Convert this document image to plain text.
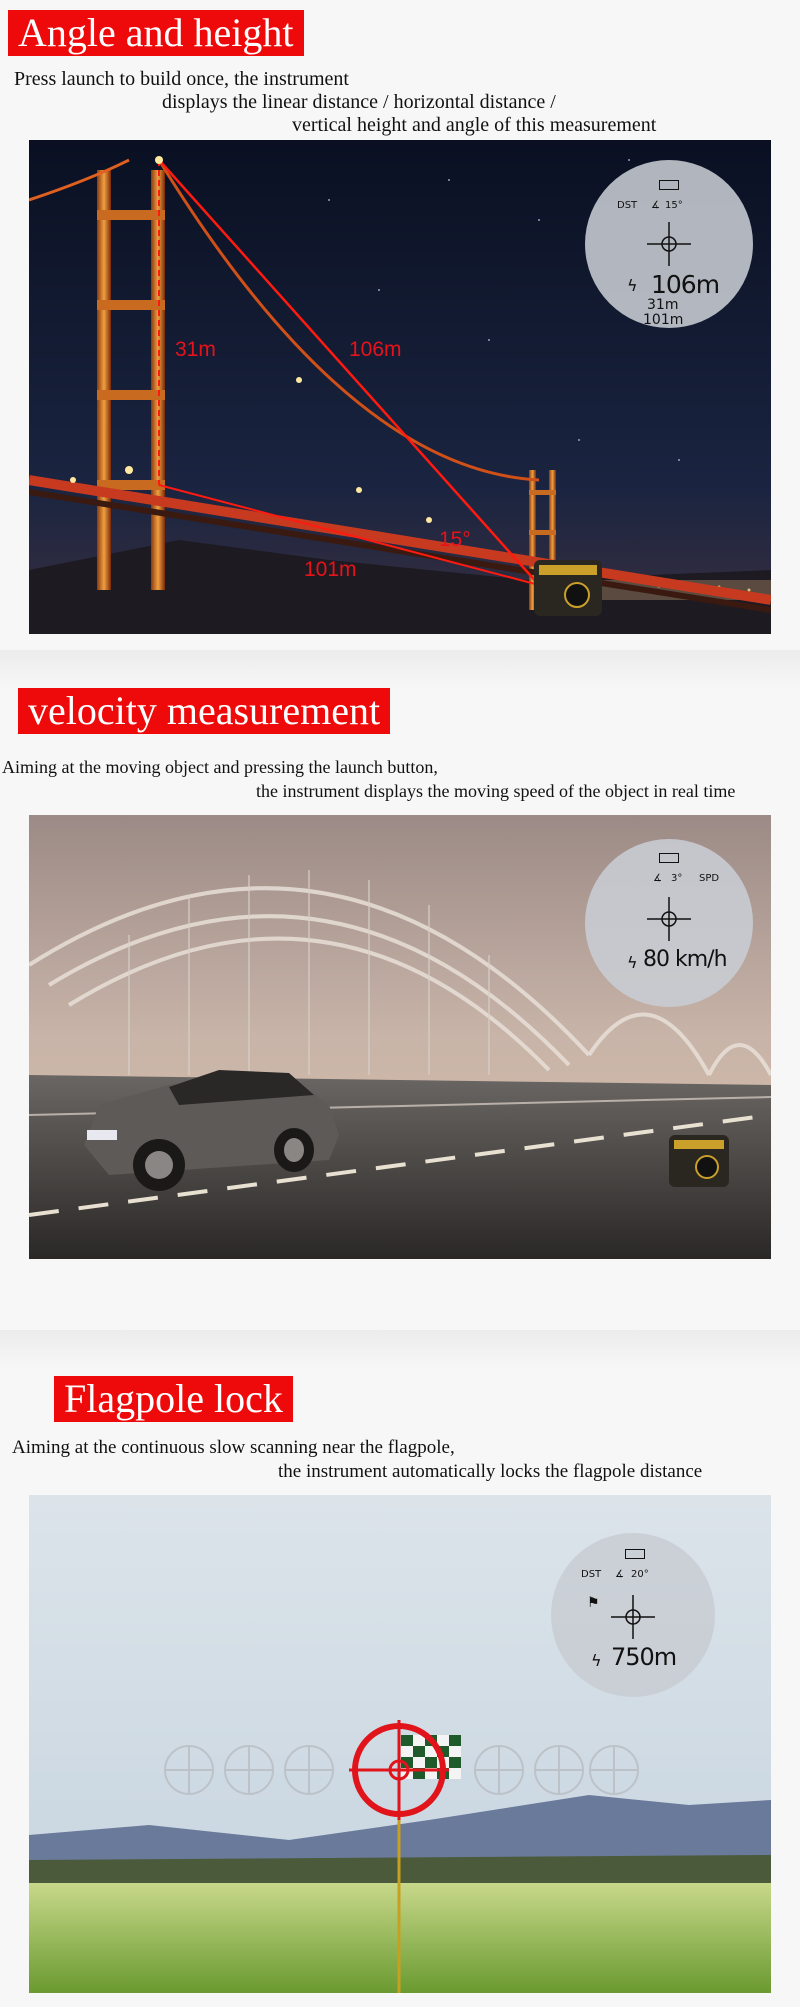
Angle and height
Press launch to build once, the instrument
displays the linear distance / horizontal distance /
vertical height and angle of this measurement
31m	106m
15°
101m
DST ∡ 15°
ϟ 106m
31m
101m
velocity measurement
Aiming at the moving object and pressing the launch button,
the instrument displays the moving speed of the object in real time
∡ 3° SPD
ϟ 80 km/h
Flagpole lock
Aiming at the continuous slow scanning near the flagpole,
the instrument automatically locks the flagpole distance
DST ∡ 20°
⚑
ϟ 750m
